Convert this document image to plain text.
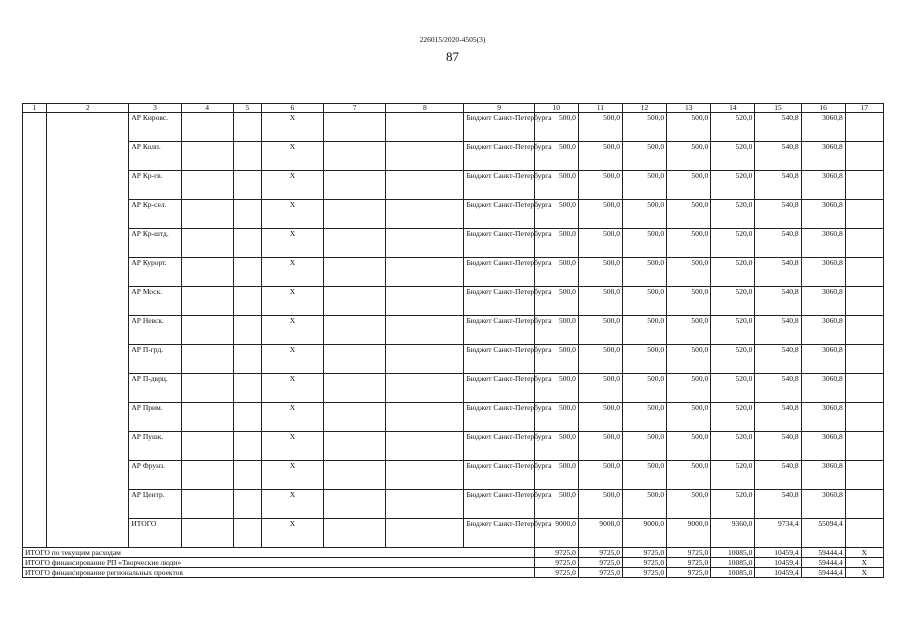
226015/2020-4505(3)
87
1	2	3	4	5	6	7	8	9	10	11	12	13	14	15	16	17
		АР Кировс.			Х			Бюджет Санкт-Петербурга	500,0	500,0	500,0	500,0	520,0	540,8	3060,8	
		АР Колп.			Х			Бюджет Санкт-Петербурга	500,0	500,0	500,0	500,0	520,0	540,8	3060,8	
		АР Кр-гв.			Х			Бюджет Санкт-Петербурга	500,0	500,0	500,0	500,0	520,0	540,8	3060,8	
		АР Кр-сел.			Х			Бюджет Санкт-Петербурга	500,0	500,0	500,0	500,0	520,0	540,8	3060,8	
		АР Кр-штд.			Х			Бюджет Санкт-Петербурга	500,0	500,0	500,0	500,0	520,0	540,8	3060,8	
		АР Курорт.			Х			Бюджет Санкт-Петербурга	500,0	500,0	500,0	500,0	520,0	540,8	3060,8	
		АР Моск.			Х			Бюджет Санкт-Петербурга	500,0	500,0	500,0	500,0	520,0	540,8	3060,8	
		АР Невск.			Х			Бюджет Санкт-Петербурга	500,0	500,0	500,0	500,0	520,0	540,8	3060,8	
		АР П-грд.			Х			Бюджет Санкт-Петербурга	500,0	500,0	500,0	500,0	520,0	540,8	3060,8	
		АР П-дврц.			Х			Бюджет Санкт-Петербурга	500,0	500,0	500,0	500,0	520,0	540,8	3060,8	
		АР Прим.			Х			Бюджет Санкт-Петербурга	500,0	500,0	500,0	500,0	520,0	540,8	3060,8	
		АР Пушк.			Х			Бюджет Санкт-Петербурга	500,0	500,0	500,0	500,0	520,0	540,8	3060,8	
		АР Фрунз.			Х			Бюджет Санкт-Петербурга	500,0	500,0	500,0	500,0	520,0	540,8	3060,8	
		АР Центр.			Х			Бюджет Санкт-Петербурга	500,0	500,0	500,0	500,0	520,0	540,8	3060,8	
		ИТОГО			Х			Бюджет Санкт-Петербурга	9000,0	9000,0	9000,0	9000,0	9360,0	9734,4	55094,4	
ИТОГО по текущим расходам									9725,0	9725,0	9725,0	9725,0	10085,0	10459,4	59444,4	Х
ИТОГО финансирование РП «Творческие люди»									9725,0	9725,0	9725,0	9725,0	10085,0	10459,4	59444,4	Х
ИТОГО финансирование региональных проектов									9725,0	9725,0	9725,0	9725,0	10085,0	10459,4	59444,4	Х
